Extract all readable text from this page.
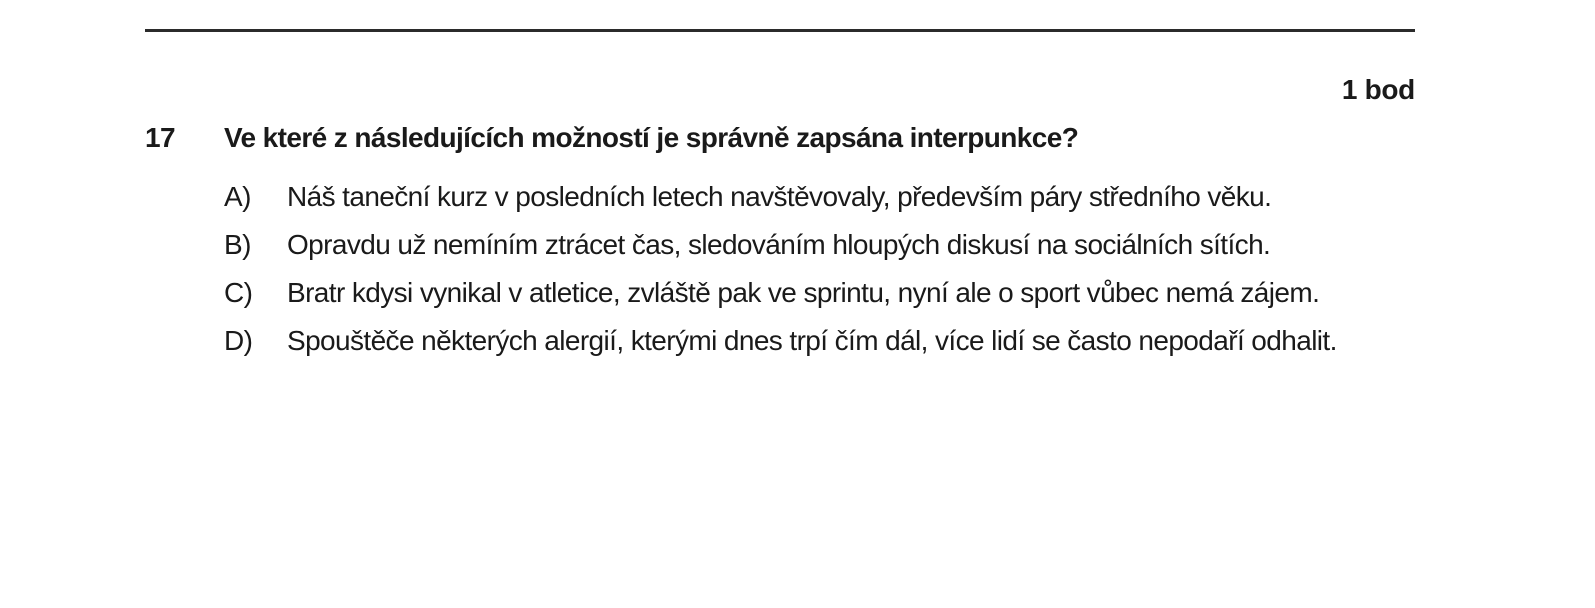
1 bod
17 Ve které z následujících možností je správně zapsána interpunkce?
A) Náš taneční kurz v posledních letech navštěvovaly, především páry středního věku.
B) Opravdu už nemíním ztrácet čas, sledováním hloupých diskusí na sociálních sítích.
C) Bratr kdysi vynikal v atletice, zvláště pak ve sprintu, nyní ale o sport vůbec nemá zájem.
D) Spouštěče některých alergií, kterými dnes trpí čím dál, více lidí se často nepodaří odhalit.
